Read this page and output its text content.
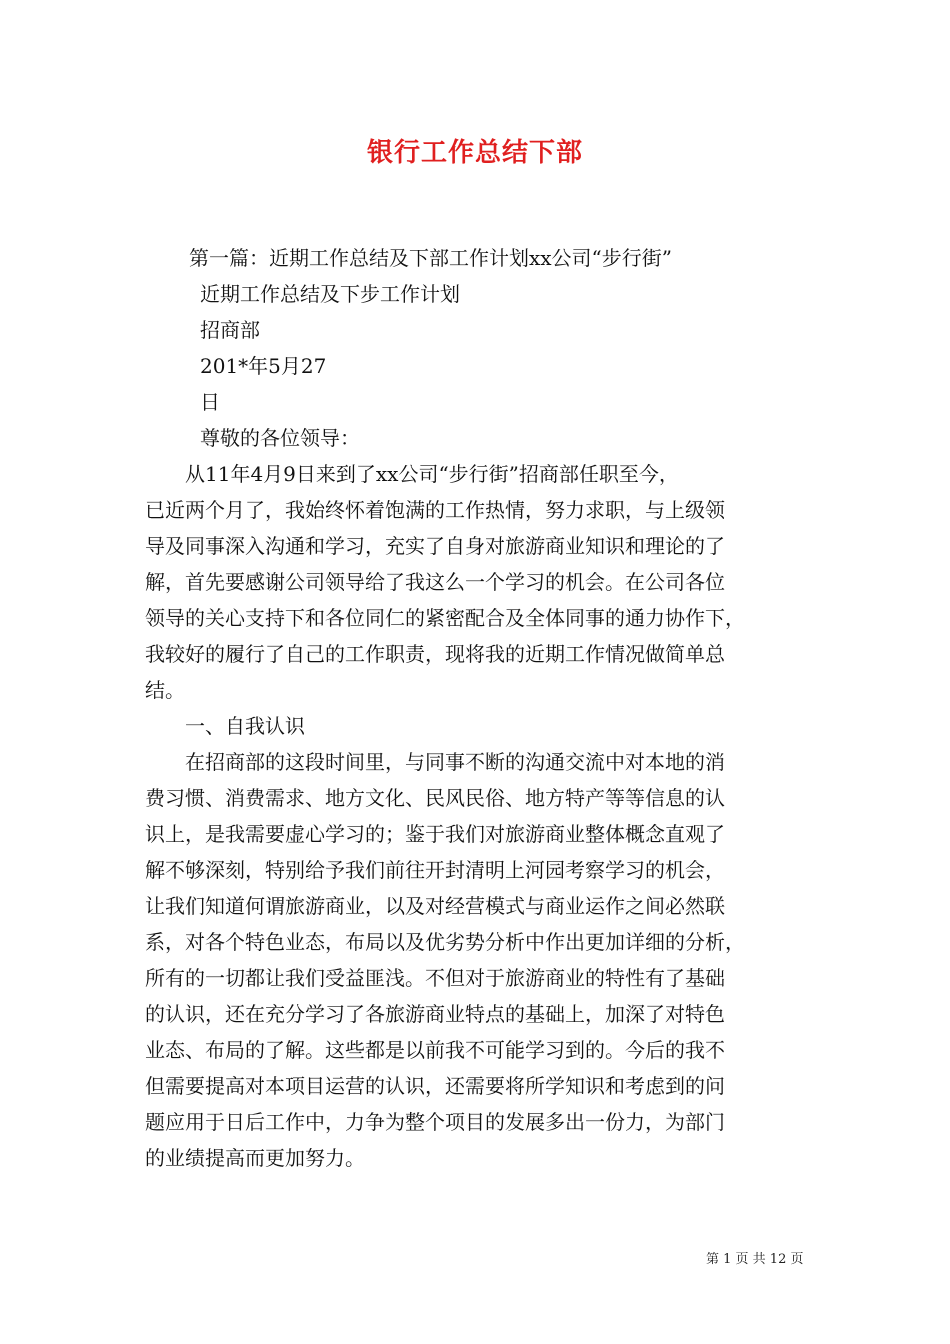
银行工作总结下部
第一篇：近期工作总结及下部工作计划xx公司“步行街”
近期工作总结及下步工作计划
招商部
201*年5月27
日
尊敬的各位领导：
从11年4月9日来到了xx公司“步行街”招商部任职至今，
已近两个月了，我始终怀着饱满的工作热情，努力求职，与上级领
导及同事深入沟通和学习，充实了自身对旅游商业知识和理论的了
解，首先要感谢公司领导给了我这么一个学习的机会。在公司各位
领导的关心支持下和各位同仁的紧密配合及全体同事的通力协作下，
我较好的履行了自己的工作职责，现将我的近期工作情况做简单总
结。
一、自我认识
在招商部的这段时间里，与同事不断的沟通交流中对本地的消
费习惯、消费需求、地方文化、民风民俗、地方特产等等信息的认
识上，是我需要虚心学习的；鉴于我们对旅游商业整体概念直观了
解不够深刻，特别给予我们前往开封清明上河园考察学习的机会，
让我们知道何谓旅游商业，以及对经营模式与商业运作之间必然联
系，对各个特色业态，布局以及优劣势分析中作出更加详细的分析，
所有的一切都让我们受益匪浅。不但对于旅游商业的特性有了基础
的认识，还在充分学习了各旅游商业特点的基础上，加深了对特色
业态、布局的了解。这些都是以前我不可能学习到的。今后的我不
但需要提高对本项目运营的认识，还需要将所学知识和考虑到的问
题应用于日后工作中，力争为整个项目的发展多出一份力，为部门
的业绩提高而更加努力。
第 1 页 共 12 页
